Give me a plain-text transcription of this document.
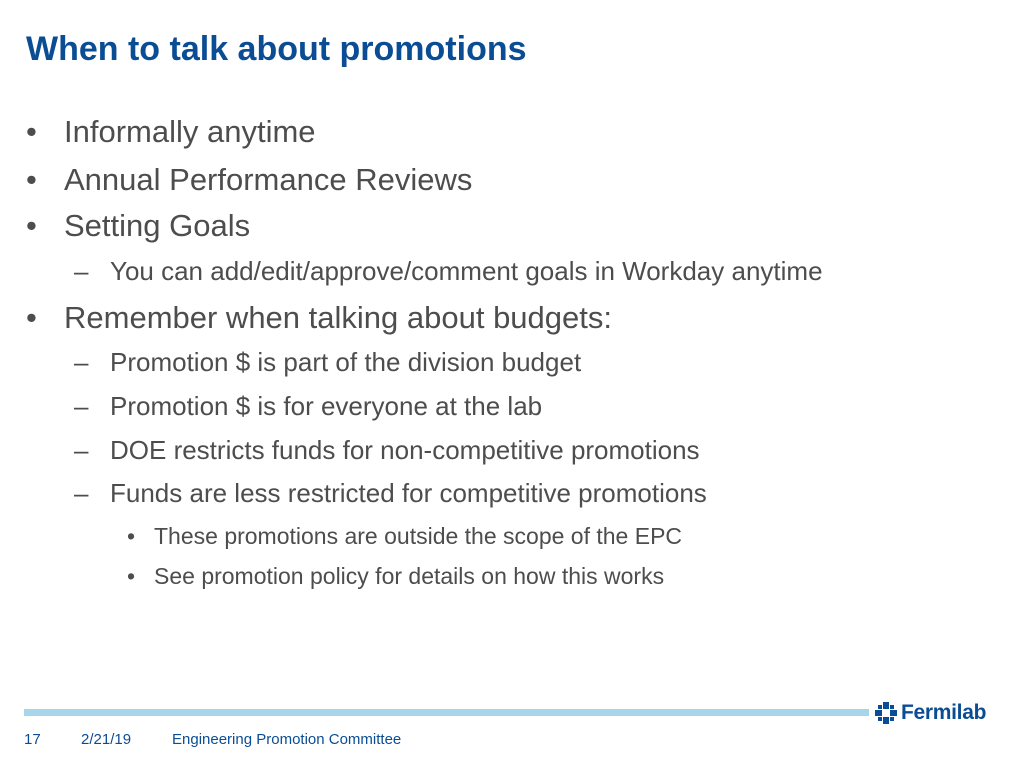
When to talk about promotions
• Informally anytime
• Annual Performance Reviews
• Setting Goals
– You can add/edit/approve/comment goals in Workday anytime
• Remember when talking about budgets:
– Promotion $ is part of the division budget
– Promotion $ is for everyone at the lab
– DOE restricts funds for non-competitive promotions
– Funds are less restricted for competitive promotions
• These promotions are outside the scope of the EPC
• See promotion policy for details on how this works
Fermilab
17	2/21/19	Engineering Promotion Committee
